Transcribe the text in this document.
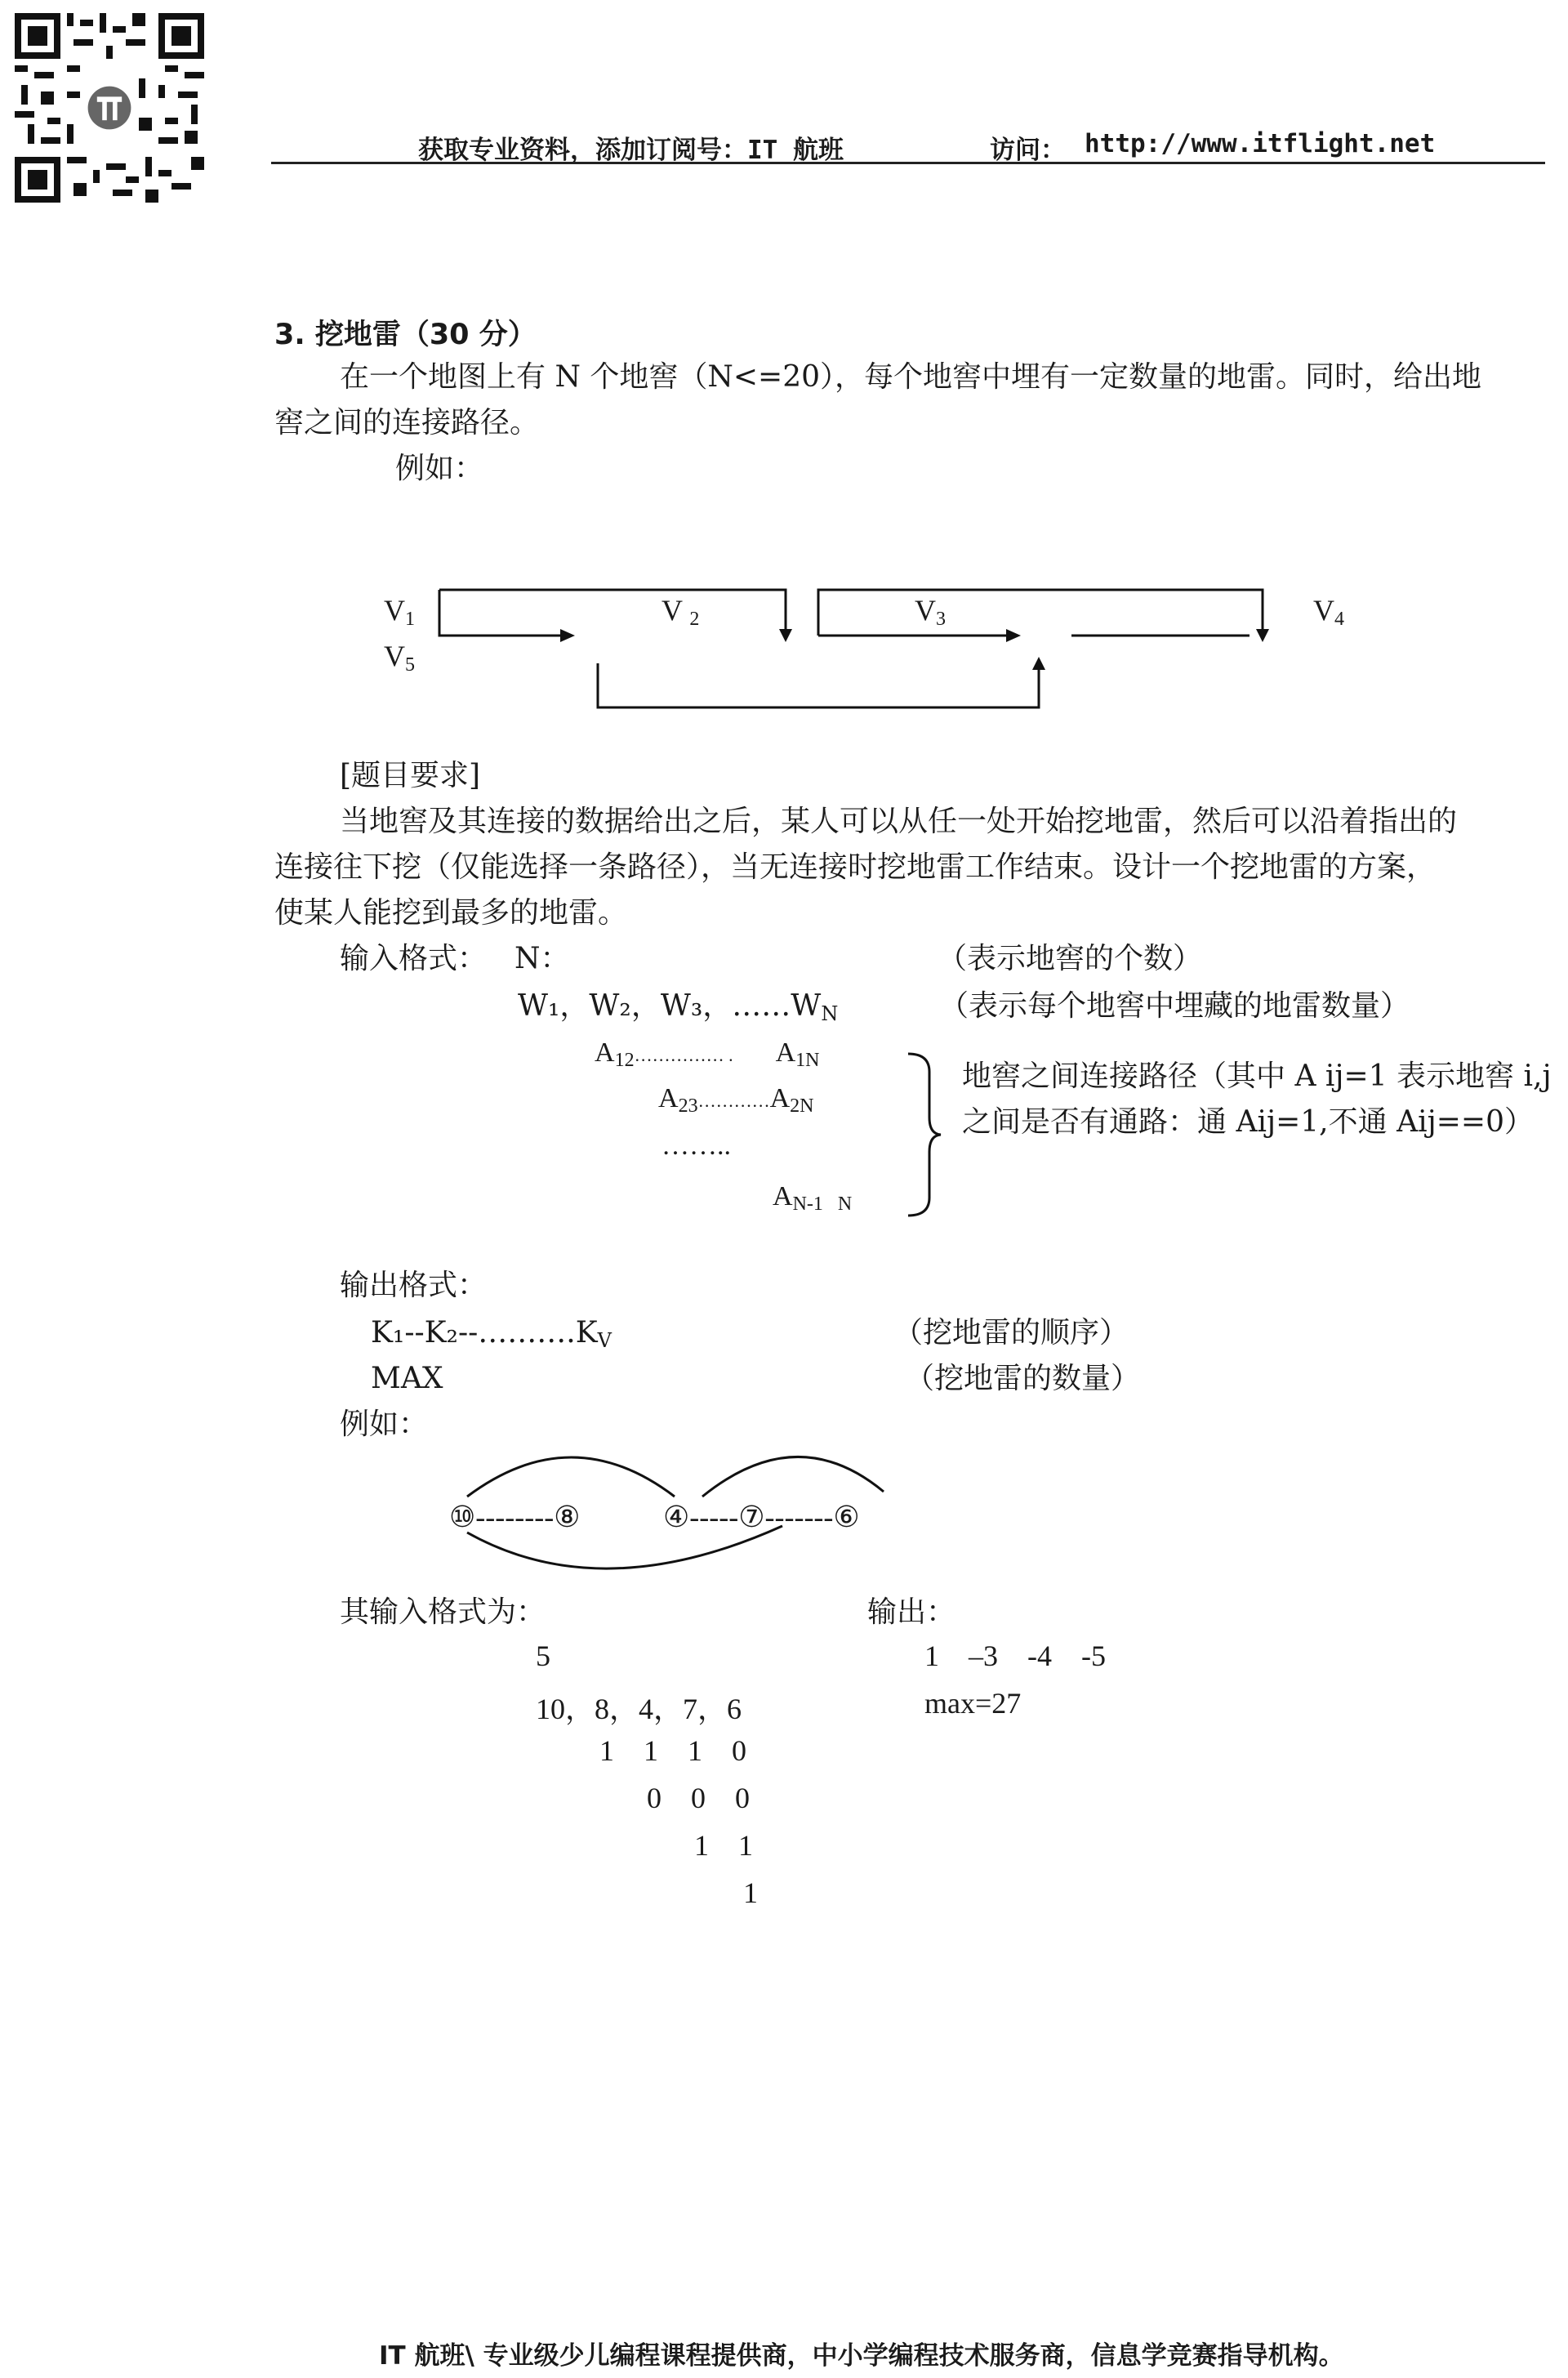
获取专业资料，添加订阅号：IT 航班	访问： http://www.itflight.net
3. 挖地雷（30 分）
在一个地图上有 N 个地窖（N<=20），每个地窖中埋有一定数量的地雷。同时，给出地
窖之间的连接路径。
例如：
$V_1$	V $_2$	$V_3$	$V_4$
$V_5$
[题目要求]
当地窖及其连接的数据给出之后，某人可以从任一处开始挖地雷，然后可以沿着指出的
连接往下挖（仅能选择一条路径），当无连接时挖地雷工作结束。设计一个挖地雷的方案，
使某人能挖到最多的地雷。
输入格式： N：	（表示地窖的个数）
W₁，W₂，W₃，$\dots\dots W_N$	（表示每个地窖中埋藏的地雷数量）
$A_{12}\dots\dots\dots\dots\dots$ . $A_{1N}$
$A_{23}\dots\dots\dots\dots A_{2N}$
……..
$A_{N-1 N}$
地窖之间连接路径（其中 A ij=1 表示地窖 i,j
之间是否有通路：通 Aij=1,不通 Aij==0）
输出格式：
$K_1--K_2--\dots\dots\dots.K_V$	（挖地雷的顺序）
MAX	（挖地雷的数量）
例如：
⑩--------⑧	④-----⑦-------⑥
其输入格式为：	输出：
5
10，8，4，7，6
1    1    1    0
0    0    0
1    1
1
1    –3    -4    -5
max=27
IT 航班\ 专业级少儿编程课程提供商，中小学编程技术服务商，信息学竞赛指导机构。
